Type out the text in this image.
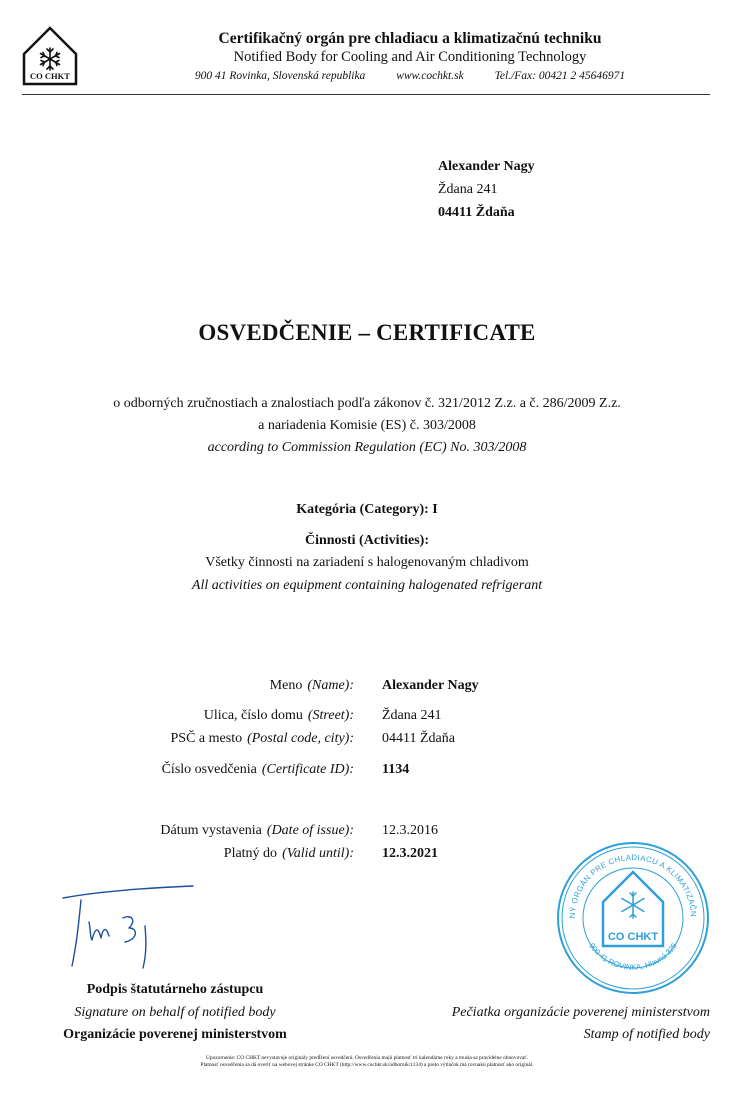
CO CHKT
Certifikačný orgán pre chladiacu a klimatizačnú techniku
Notified Body for Cooling and Air Conditioning Technology
900 41 Rovinka, Slovenská republika	www.cochkt.sk	Tel./Fax: 00421 2 45646971
Alexander Nagy
Ždana 241
04411 Ždaňa
OSVEDČENIE – CERTIFICATE
o odborných zručnostiach a znalostiach podľa zákonov č. 321/2012 Z.z. a č. 286/2009 Z.z.
a nariadenia Komisie (ES) č. 303/2008
according to Commission Regulation (EC) No. 303/2008
Kategória (Category): I
Činnosti (Activities):
Všetky činnosti na zariadení s halogenovaným chladivom
All activities on equipment containing halogenated refrigerant
Meno (Name): Alexander Nagy
Ulica, číslo domu (Street): Ždana 241
PSČ a mesto (Postal code, city): 04411 Ždaňa
Číslo osvedčenia (Certificate ID): 1134
Dátum vystavenia (Date of issue): 12.3.2016
Platný do (Valid until): 12.3.2021
NÝ ORGÁN PRE CHLADIACU A KLIMATIZAČN
900 41 ROVINKA, Hlavná 325
CO CHKT
Podpis štatutárneho zástupcu
Signature on behalf of notified body
Organizácie poverenej ministerstvom
Pečiatka organizácie poverenej ministerstvom
Stamp of notified body
Upozornenie: CO CHKT nevystavuje originály predĺžení osvedčení. Osvedčenia majú platnosť tri kalendárne roky a musia sa pravidelne obnovovať.
Platnosť osvedčenia sa dá overiť na webovej stránke CO CHKT (http://www.cochkt.sk/odbornik/1134) a preto výtlačok má rovnakú platnosť ako originál.
